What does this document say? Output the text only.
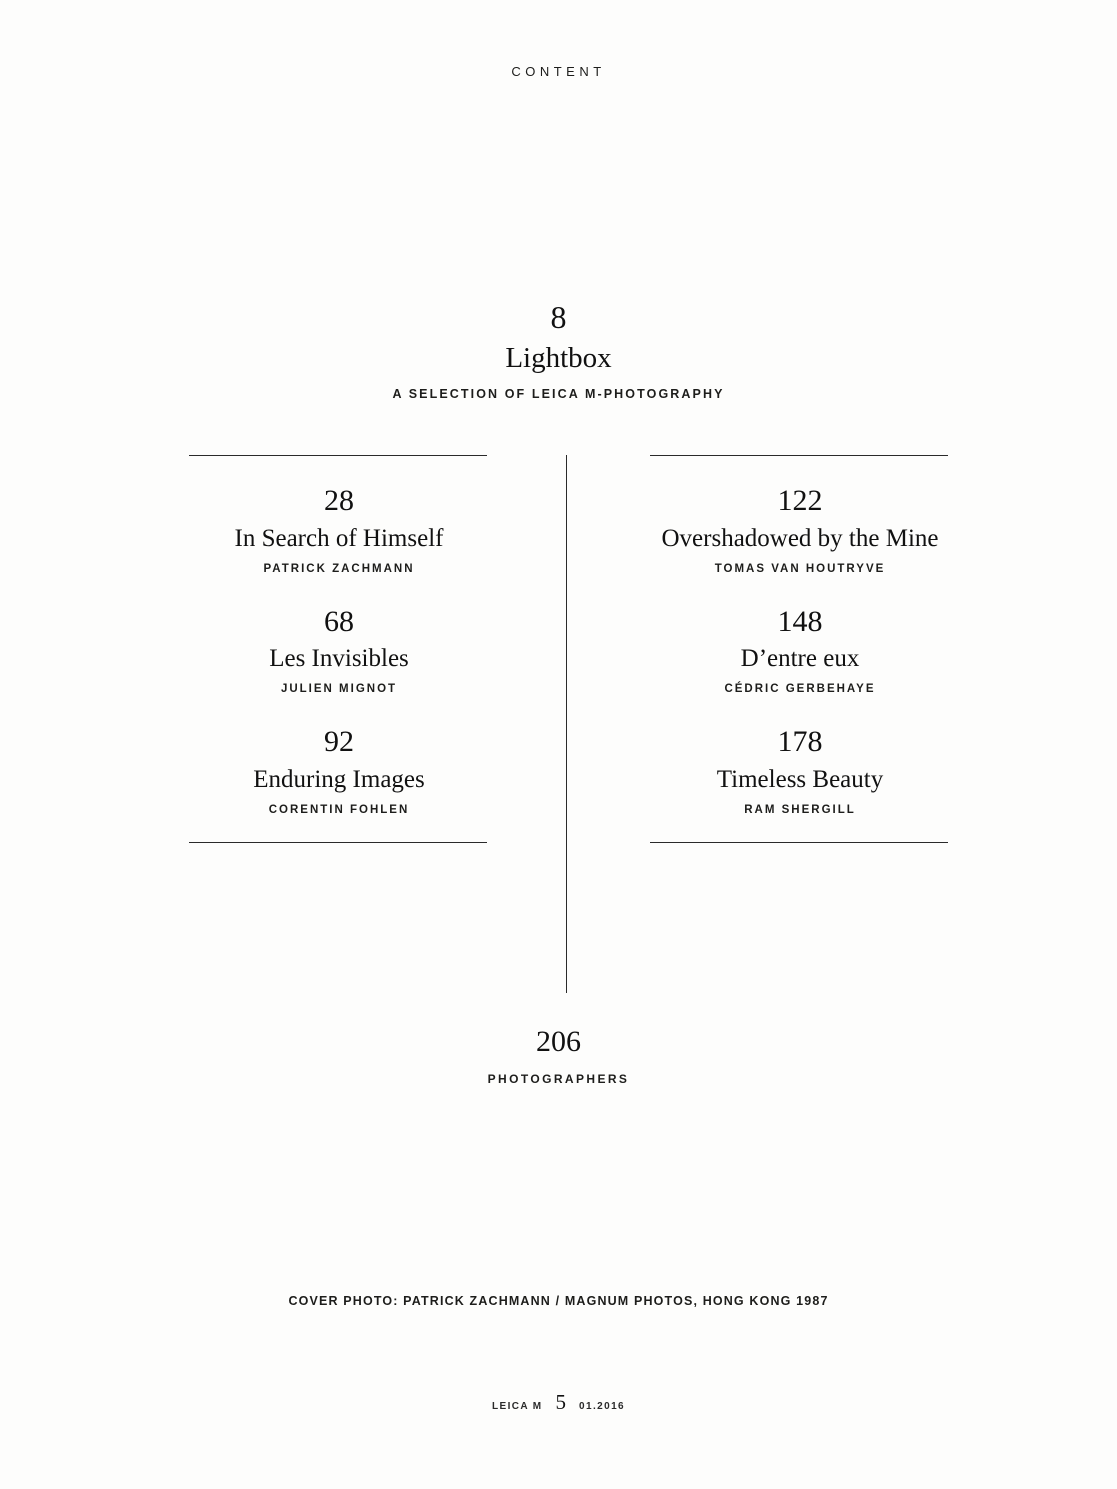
CONTENT
8
Lightbox
A SELECTION OF LEICA M-PHOTOGRAPHY
28
In Search of Himself
PATRICK ZACHMANN
68
Les Invisibles
JULIEN MIGNOT
92
Enduring Images
CORENTIN FOHLEN
122
Overshadowed by the Mine
TOMAS VAN HOUTRYVE
148
D’entre eux
CÉDRIC GERBEHAYE
178
Timeless Beauty
RAM SHERGILL
206
PHOTOGRAPHERS
COVER PHOTO: PATRICK ZACHMANN / MAGNUM PHOTOS, HONG KONG 1987
LEICA M 5 01.2016
